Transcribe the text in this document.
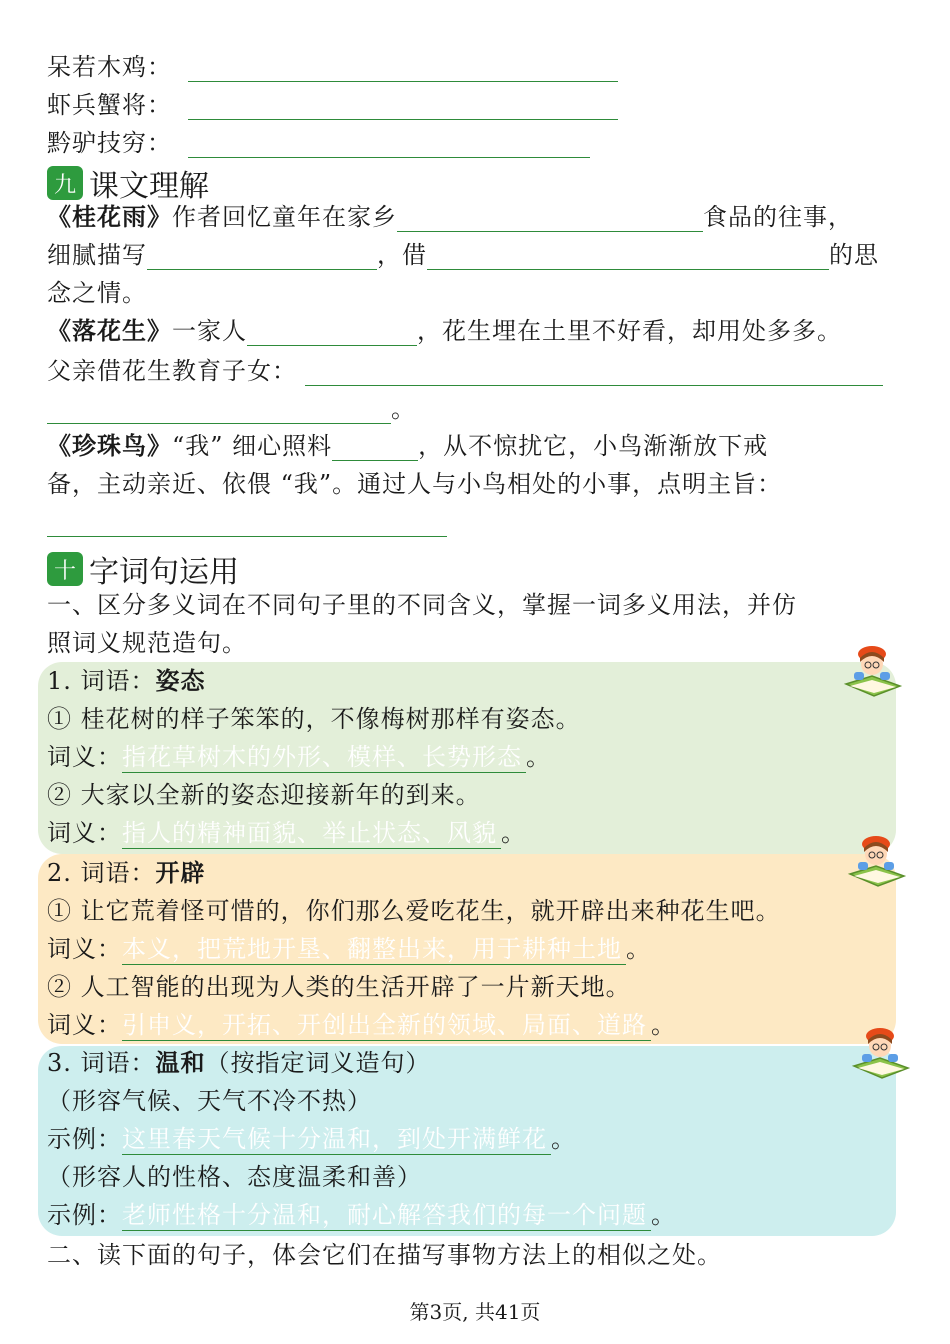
呆若木鸡：
虾兵蟹将：
黔驴技穷：
九 课文理解
《桂花雨》作者回忆童年在家乡	食品的往事，
细腻描写	，借	的思
念之情。
《落花生》一家人	，花生埋在土里不好看，却用处多多。
父亲借花生教育子女：
。
《珍珠鸟》“我” 细心照料	，从不惊扰它，小鸟渐渐放下戒
备，主动亲近、依偎 “我”。通过人与小鸟相处的小事，点明主旨：
十 字词句运用
一、区分多义词在不同句子里的不同含义，掌握一词多义用法，并仿
照词义规范造句。
1. 词语：姿态
① 桂花树的样子笨笨的，不像梅树那样有姿态。
词义：指花草树木的外形、模样、长势形态 。
② 大家以全新的姿态迎接新年的到来。
词义：指人的精神面貌、举止状态、风貌 。
2. 词语：开辟
① 让它荒着怪可惜的，你们那么爱吃花生，就开辟出来种花生吧。
词义：本义，把荒地开垦、翻整出来，用于耕种土地 。
② 人工智能的出现为人类的生活开辟了一片新天地。
词义：引申义，开拓、开创出全新的领域、局面、道路 。
3. 词语：温和（按指定词义造句）
（形容气候、天气不冷不热）
示例：这里春天气候十分温和，到处开满鲜花 。
（形容人的性格、态度温柔和善）
示例：老师性格十分温和，耐心解答我们的每一个问题 。
二、读下面的句子，体会它们在描写事物方法上的相似之处。
第3页, 共41页
